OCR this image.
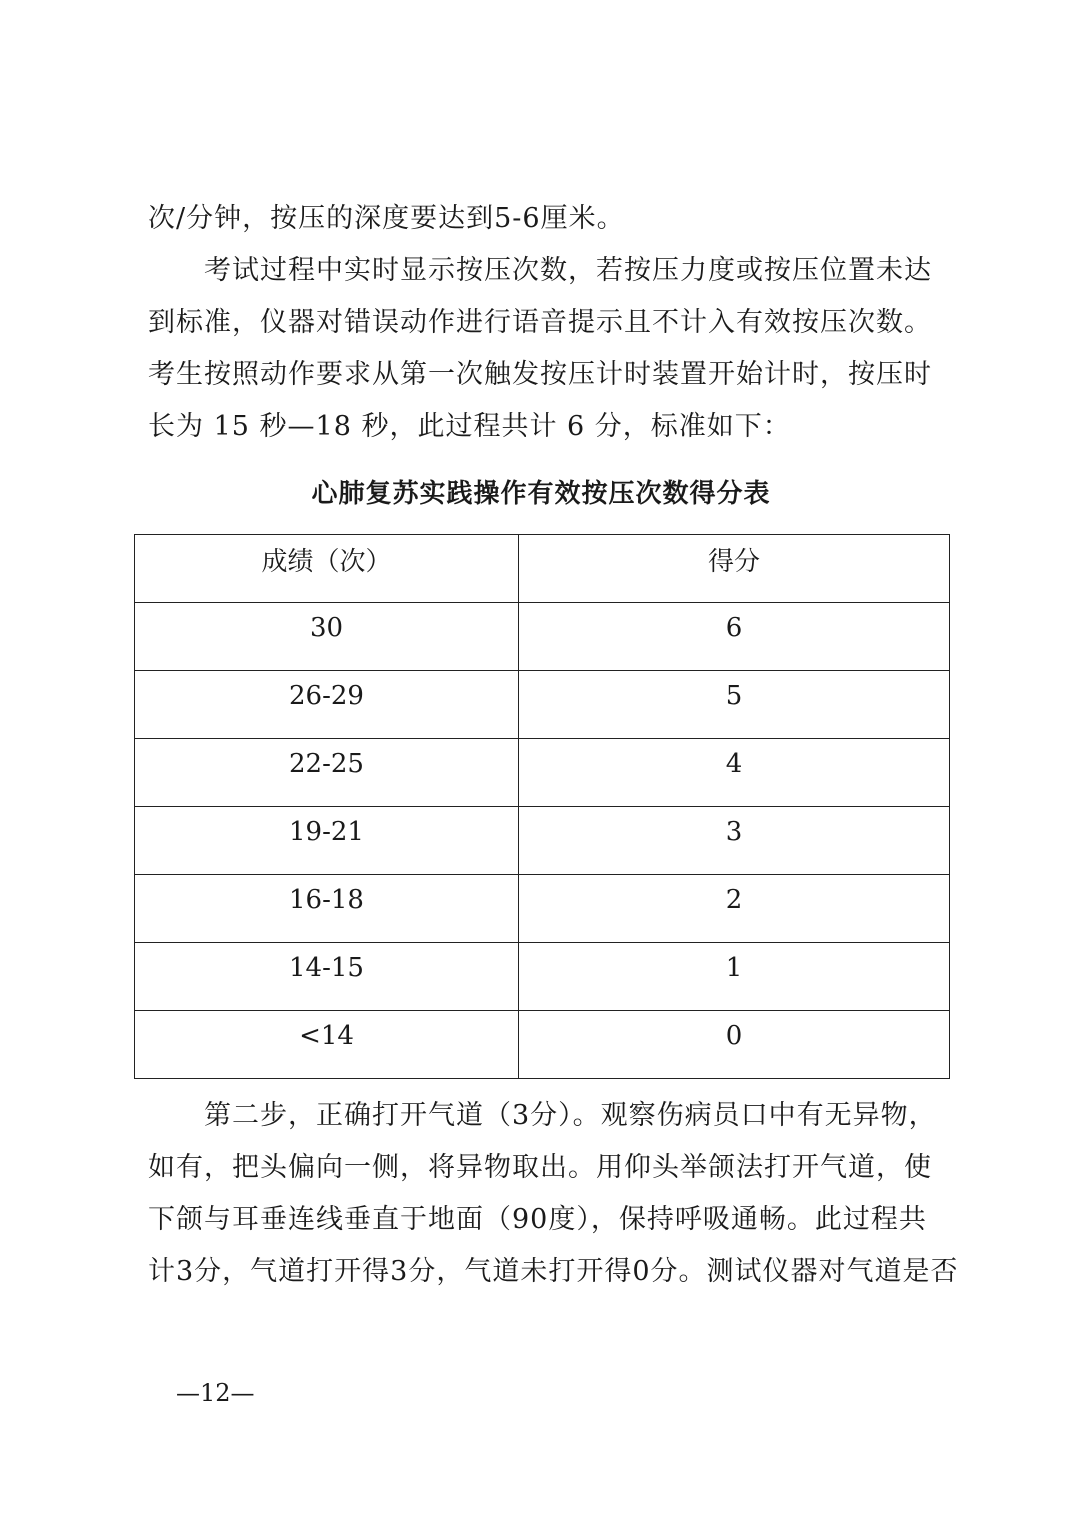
次/分钟，按压的深度要达到5-6厘米。

考试过程中实时显示按压次数，若按压力度或按压位置未达
到标准，仪器对错误动作进行语音提示且不计入有效按压次数。
考生按照动作要求从第一次触发按压计时装置开始计时，按压时
长为 15 秒—18 秒，此过程共计 6 分，标准如下：

心肺复苏实践操作有效按压次数得分表
成绩（次）	得分
30	6
26-29	5
22-25	4
19-21	3
16-18	2
14-15	1
<14	0

第二步，正确打开气道（3分）。观察伤病员口中有无异物，
如有，把头偏向一侧，将异物取出。用仰头举颌法打开气道，使
下颌与耳垂连线垂直于地面（90度），保持呼吸通畅。此过程共
计3分，气道打开得3分，气道未打开得0分。测试仪器对气道是否

—12—
